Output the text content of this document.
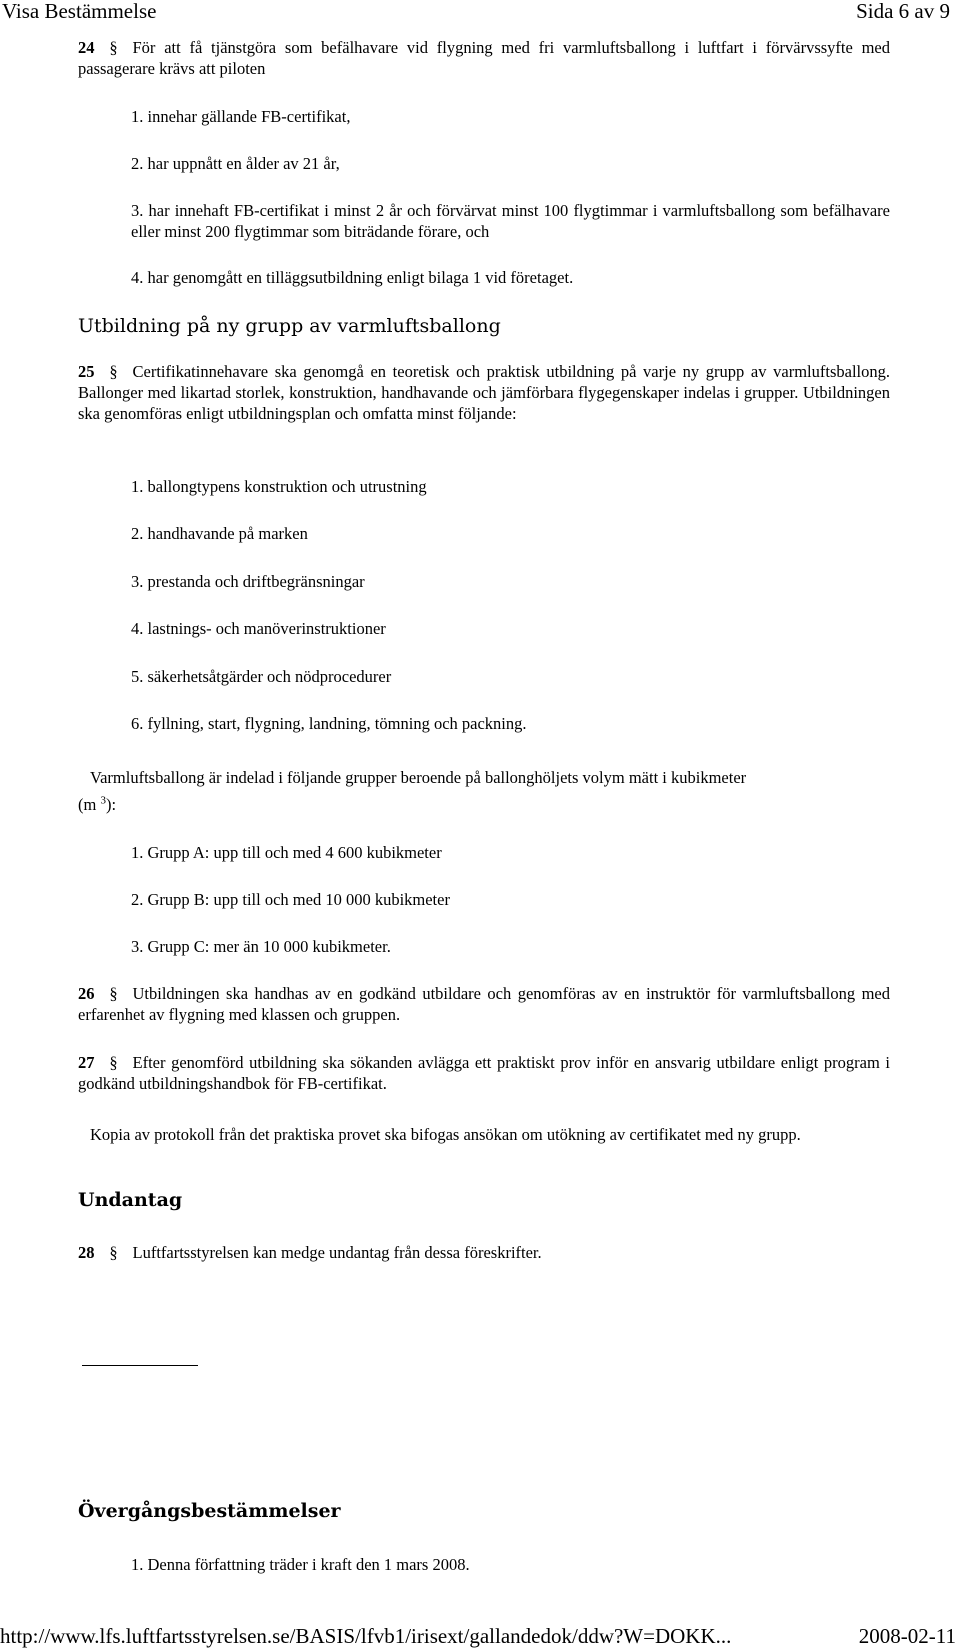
Visa Bestämmelse	Sida 6 av 9

24 § För att få tjänstgöra som befälhavare vid flygning med fri varmluftsballong i luftfart i förvärvssyfte med passagerare krävs att piloten

1. innehar gällande FB-certifikat,

2. har uppnått en ålder av 21 år,

3. har innehaft FB-certifikat i minst 2 år och förvärvat minst 100 flygtimmar i varmluftsballong som befälhavare eller minst 200 flygtimmar som biträdande förare, och

4. har genomgått en tilläggsutbildning enligt bilaga 1 vid företaget.

Utbildning på ny grupp av varmluftsballong

25 § Certifikatinnehavare ska genomgå en teoretisk och praktisk utbildning på varje ny grupp av varmluftsballong. Ballonger med likartad storlek, konstruktion, handhavande och jämförbara flygegenskaper indelas i grupper. Utbildningen ska genomföras enligt utbildningsplan och omfatta minst följande:

1. ballongtypens konstruktion och utrustning

2. handhavande på marken

3. prestanda och driftbegränsningar

4. lastnings- och manöverinstruktioner

5. säkerhetsåtgärder och nödprocedurer

6. fyllning, start, flygning, landning, tömning och packning.

Varmluftsballong är indelad i följande grupper beroende på ballonghöljets volym mätt i kubikmeter

(m $^3$):

1. Grupp A: upp till och med 4 600 kubikmeter

2. Grupp B: upp till och med 10 000 kubikmeter

3. Grupp C: mer än 10 000 kubikmeter.

26 § Utbildningen ska handhas av en godkänd utbildare och genomföras av en instruktör för varmluftsballong med erfarenhet av flygning med klassen och gruppen.

27 § Efter genomförd utbildning ska sökanden avlägga ett praktiskt prov inför en ansvarig utbildare enligt program i godkänd utbildningshandbok för FB-certifikat.

Kopia av protokoll från det praktiska provet ska bifogas ansökan om utökning av certifikatet med ny grupp.

Undantag

28 § Luftfartsstyrelsen kan medge undantag från dessa föreskrifter.

Övergångsbestämmelser

1. Denna författning träder i kraft den 1 mars 2008.

http://www.lfs.luftfartsstyrelsen.se/BASIS/lfvb1/irisext/gallandedok/ddw?W=DOKK...	2008-02-11
